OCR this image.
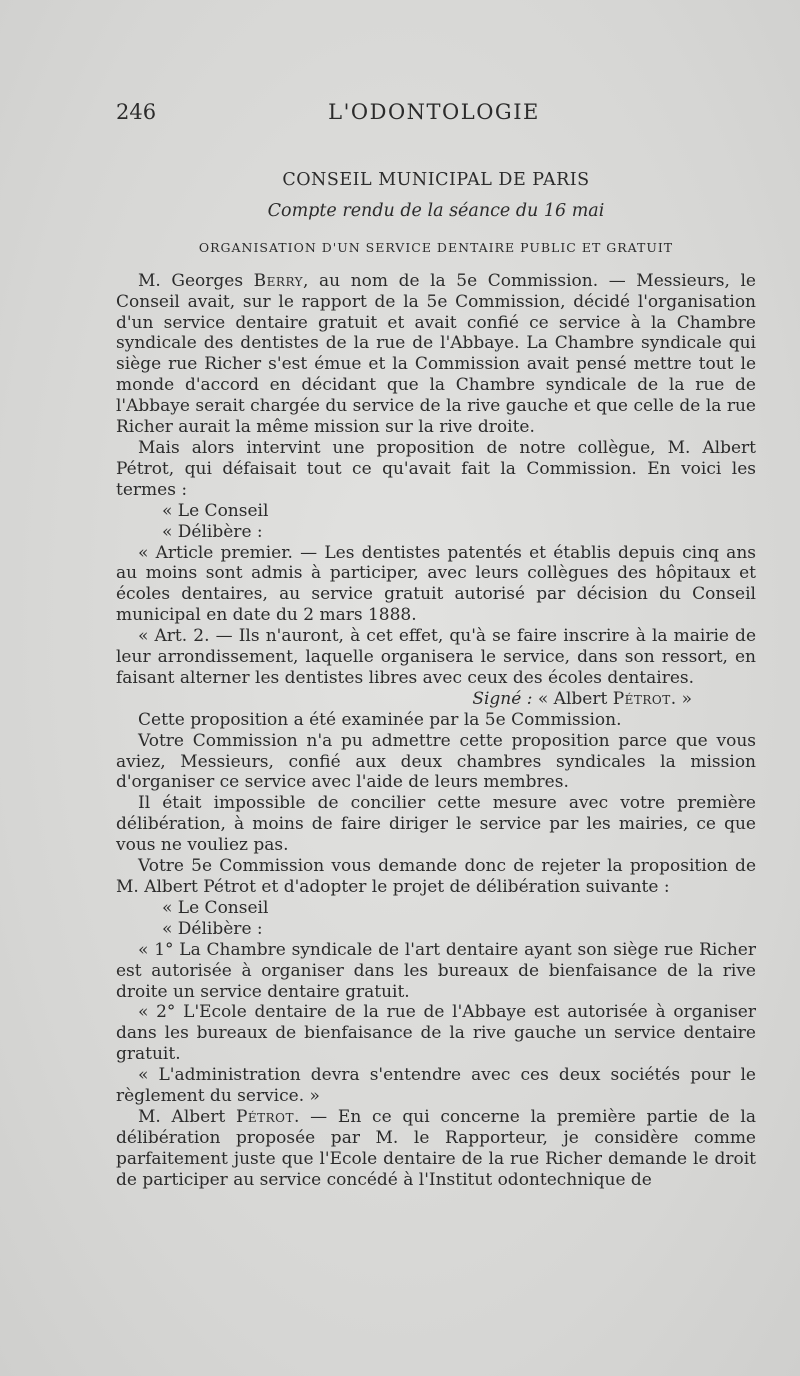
246	L'ODONTOLOGIE
CONSEIL MUNICIPAL DE PARIS
Compte rendu de la séance du 16 mai
ORGANISATION D'UN SERVICE DENTAIRE PUBLIC ET GRATUIT

M. Georges Berry, au nom de la 5e Commission. — Messieurs, le Conseil avait, sur le rapport de la 5e Commission, décidé l'organisation d'un service dentaire gratuit et avait confié ce service à la Chambre syndicale des dentistes de la rue de l'Abbaye. La Chambre syndicale qui siège rue Richer s'est émue et la Commission avait pensé mettre tout le monde d'accord en décidant que la Chambre syndicale de la rue de l'Abbaye serait chargée du service de la rive gauche et que celle de la rue Richer aurait la même mission sur la rive droite.

Mais alors intervint une proposition de notre collègue, M. Albert Pétrot, qui défaisait tout ce qu'avait fait la Commission. En voici les termes :

« Le Conseil

« Délibère :

« Article premier. — Les dentistes patentés et établis depuis cinq ans au moins sont admis à participer, avec leurs collègues des hôpitaux et écoles dentaires, au service gratuit autorisé par décision du Conseil municipal en date du 2 mars 1888.

« Art. 2. — Ils n'auront, à cet effet, qu'à se faire inscrire à la mairie de leur arrondissement, laquelle organisera le service, dans son ressort, en faisant alterner les dentistes libres avec ceux des écoles dentaires.

Signé : « Albert Pétrot. »

Cette proposition a été examinée par la 5e Commission.

Votre Commission n'a pu admettre cette proposition parce que vous aviez, Messieurs, confié aux deux chambres syndicales la mission d'organiser ce service avec l'aide de leurs membres.

Il était impossible de concilier cette mesure avec votre première délibération, à moins de faire diriger le service par les mairies, ce que vous ne vouliez pas.

Votre 5e Commission vous demande donc de rejeter la proposition de M. Albert Pétrot et d'adopter le projet de délibération suivante :

« Le Conseil

« Délibère :

« 1° La Chambre syndicale de l'art dentaire ayant son siège rue Richer est autorisée à organiser dans les bureaux de bienfaisance de la rive droite un service dentaire gratuit.

« 2° L'Ecole dentaire de la rue de l'Abbaye est autorisée à organiser dans les bureaux de bienfaisance de la rive gauche un service dentaire gratuit.

« L'administration devra s'entendre avec ces deux sociétés pour le règlement du service. »

M. Albert Pétrot. — En ce qui concerne la première partie de la délibération proposée par M. le Rapporteur, je considère comme parfaitement juste que l'Ecole dentaire de la rue Richer demande le droit de participer au service concédé à l'Institut odontechnique de
